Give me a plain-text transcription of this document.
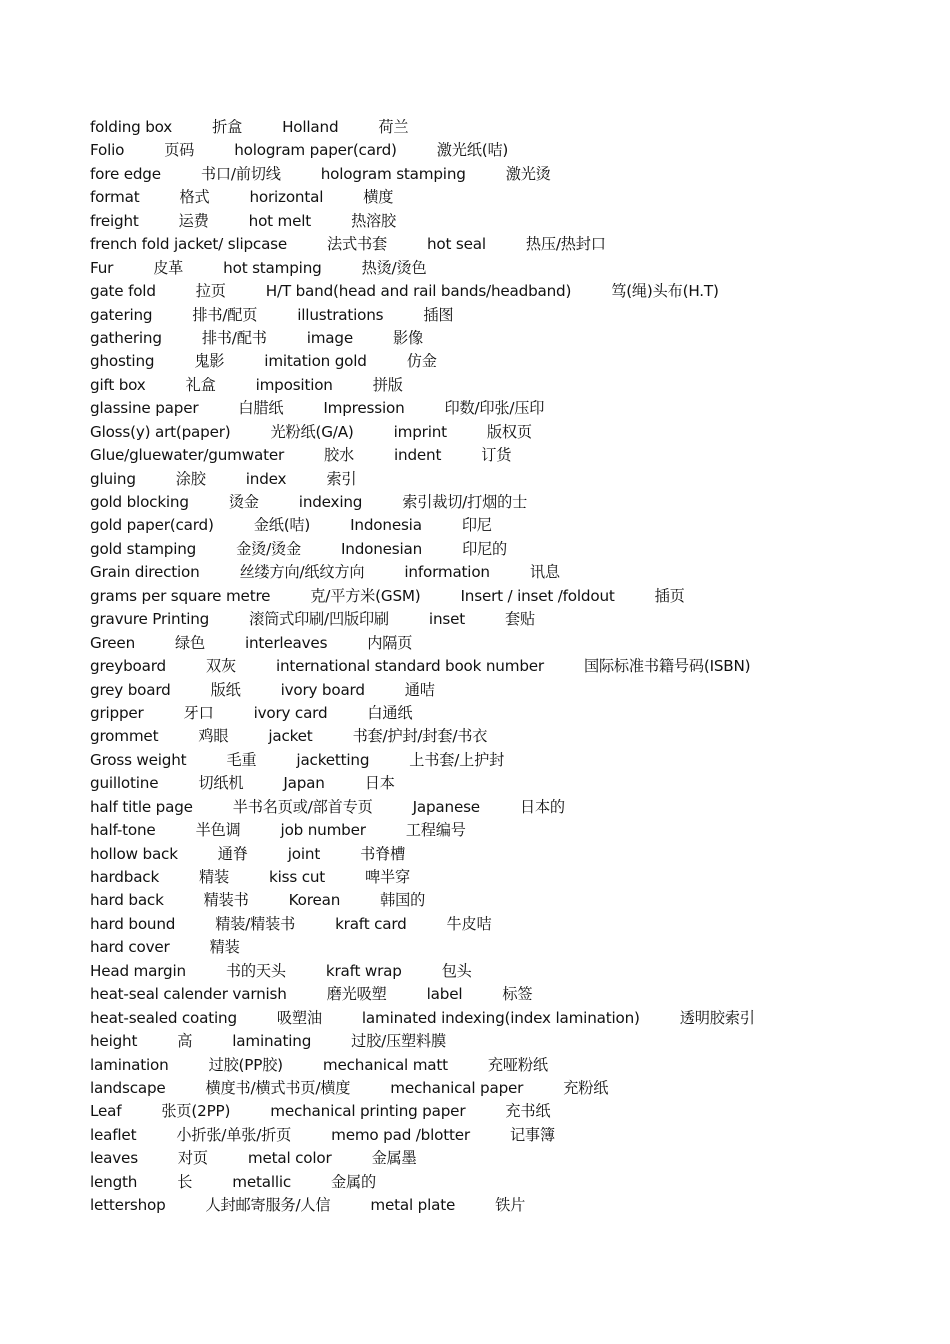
folding box	折盒	Holland	荷兰
Folio	页码	hologram paper(card)	激光纸(咭)
fore edge	书口/前切线	hologram stamping	激光烫
format	格式	horizontal	横度
freight	运费	hot melt	热溶胶
french fold jacket/ slipcase	法式书套	hot seal	热压/热封口
Fur	皮革	hot stamping	热烫/烫色
gate fold	拉页	H/T band(head and rail bands/headband)	笃(绳)头布(H.T)
gatering	排书/配页	illustrations	插图
gathering	排书/配书	image	影像
ghosting	鬼影	imitation gold	仿金
gift box	礼盒	imposition	拼版
glassine paper	白腊纸	Impression	印数/印张/压印
Gloss(y) art(paper)	光粉纸(G/A)	imprint	版权页
Glue/gluewater/gumwater	胶水	indent	订货
gluing	涂胶	index	索引
gold blocking	烫金	indexing	索引裁切/打烟的士
gold paper(card)	金纸(咭)	Indonesia	印尼
gold stamping	金烫/烫金	Indonesian	印尼的
Grain direction	丝缕方向/纸纹方向	information	讯息
grams per square metre	克/平方米(GSM)	Insert / inset /foldout	插页
gravure Printing	滚筒式印刷/凹版印刷	inset	套贴
Green	绿色	interleaves	内隔页
greyboard	双灰	international standard book number	国际标准书籍号码(ISBN)
grey board	版纸	ivory board	通咭
gripper	牙口	ivory card	白通纸
grommet	鸡眼	jacket	书套/护封/封套/书衣
Gross weight	毛重	jacketting	上书套/上护封
guillotine	切纸机	Japan	日本
half title page	半书名页或/部首专页	Japanese	日本的
half-tone	半色调	job number	工程编号
hollow back	通脊	joint	书脊槽
hardback	精装	kiss cut	啤半穿
hard back	精装书	Korean	韩国的
hard bound	精装/精装书	kraft card	牛皮咭
hard cover	精装
Head margin	书的天头	kraft wrap	包头
heat-seal calender varnish	磨光吸塑	label	标签
heat-sealed coating	吸塑油	laminated indexing(index lamination)	透明胶索引
height	高	laminating	过胶/压塑料膜
lamination	过胶(PP胶)	mechanical matt	充哑粉纸
landscape	横度书/横式书页/横度	mechanical paper	充粉纸
Leaf	张页(2PP)	mechanical printing paper	充书纸
leaflet	小折张/单张/折页	memo pad /blotter	记事簿
leaves	对页	metal color	金属墨
length	长	metallic	金属的
lettershop	人封邮寄服务/人信	metal plate	铁片
